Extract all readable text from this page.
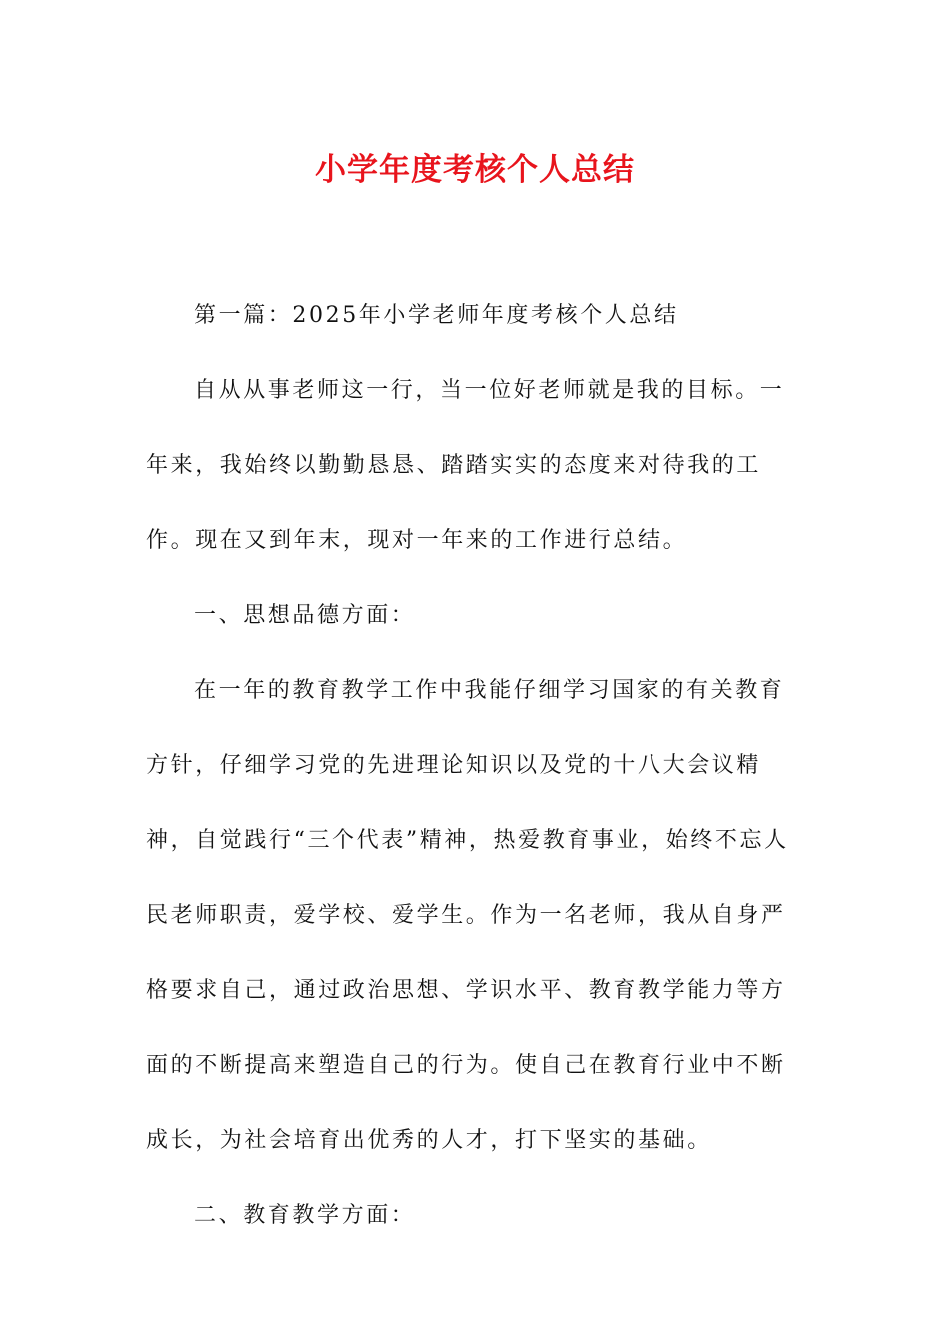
小学年度考核个人总结

第一篇：2025年小学老师年度考核个人总结

自从从事老师这一行，当一位好老师就是我的目标。一年来，我始终以勤勤恳恳、踏踏实实的态度来对待我的工作。现在又到年末，现对一年来的工作进行总结。

一、思想品德方面：

在一年的教育教学工作中我能仔细学习国家的有关教育方针，仔细学习党的先进理论知识以及党的十八大会议精神，自觉践行“三个代表”精神，热爱教育事业，始终不忘人民老师职责，爱学校、爱学生。作为一名老师，我从自身严格要求自己，通过政治思想、学识水平、教育教学能力等方面的不断提高来塑造自己的行为。使自己在教育行业中不断成长，为社会培育出优秀的人才，打下坚实的基础。

二、教育教学方面：
